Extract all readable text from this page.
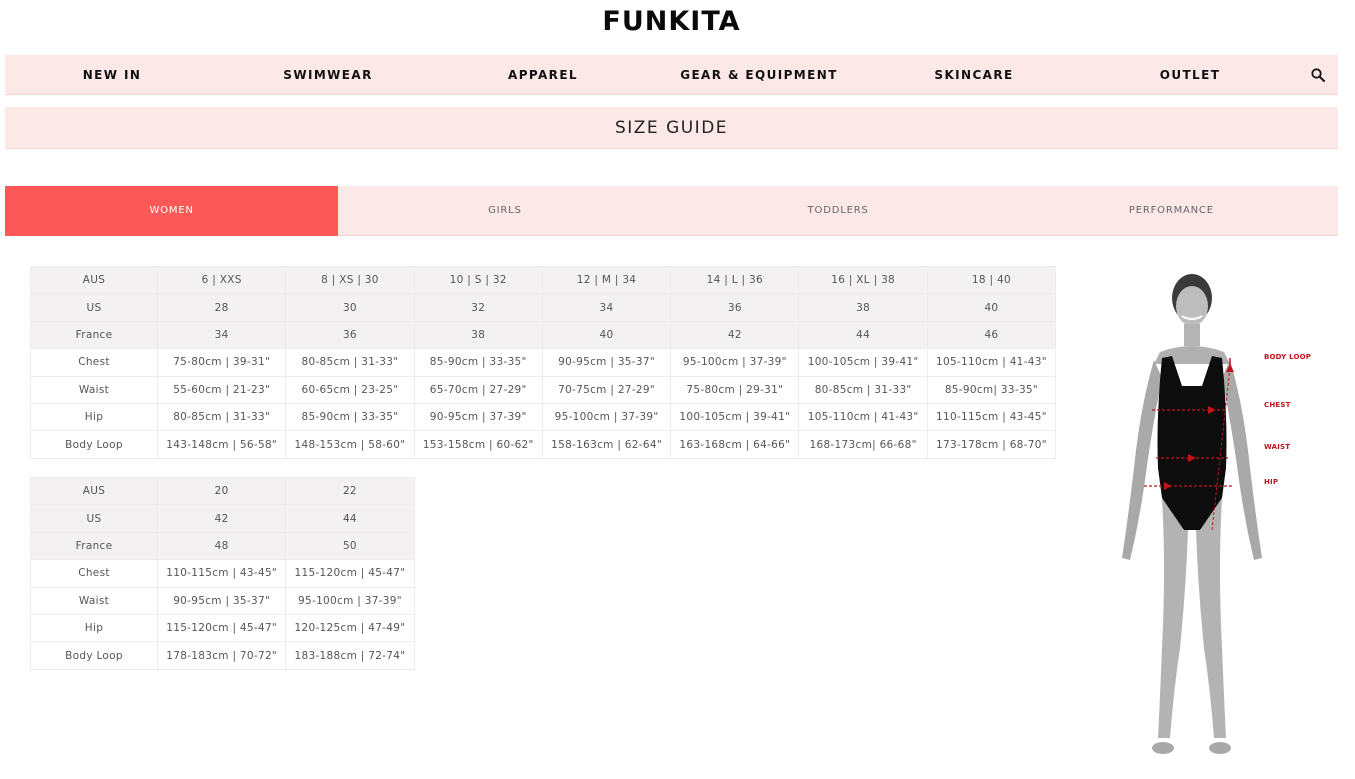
FUNKITA
NEW IN	SWIMWEAR	APPAREL	GEAR & EQUIPMENT	SKINCARE	OUTLET
SIZE GUIDE
WOMEN	GIRLS	TODDLERS	PERFORMANCE
AUS	6 | XXS	8 | XS | 30	10 | S | 32	12 | M | 34	14 | L | 36	16 | XL | 38	18 | 40
US	28	30	32	34	36	38	40
France	34	36	38	40	42	44	46
Chest	75-80cm | 39-31"	80-85cm | 31-33"	85-90cm | 33-35"	90-95cm | 35-37"	95-100cm | 37-39"	100-105cm | 39-41"	105-110cm | 41-43"
Waist	55-60cm | 21-23"	60-65cm | 23-25"	65-70cm | 27-29"	70-75cm | 27-29"	75-80cm | 29-31"	80-85cm | 31-33"	85-90cm| 33-35"
Hip	80-85cm | 31-33"	85-90cm | 33-35"	90-95cm | 37-39"	95-100cm | 37-39"	100-105cm | 39-41"	105-110cm | 41-43"	110-115cm | 43-45"
Body Loop	143-148cm | 56-58"	148-153cm | 58-60"	153-158cm | 60-62"	158-163cm | 62-64"	163-168cm | 64-66"	168-173cm| 66-68"	173-178cm | 68-70"
AUS	20	22
US	42	44
France	48	50
Chest	110-115cm | 43-45"	115-120cm | 45-47"
Waist	90-95cm | 35-37"	95-100cm | 37-39"
Hip	115-120cm | 45-47"	120-125cm | 47-49"
Body Loop	178-183cm | 70-72"	183-188cm | 72-74"
BODY LOOP
CHEST
WAIST
HIP
